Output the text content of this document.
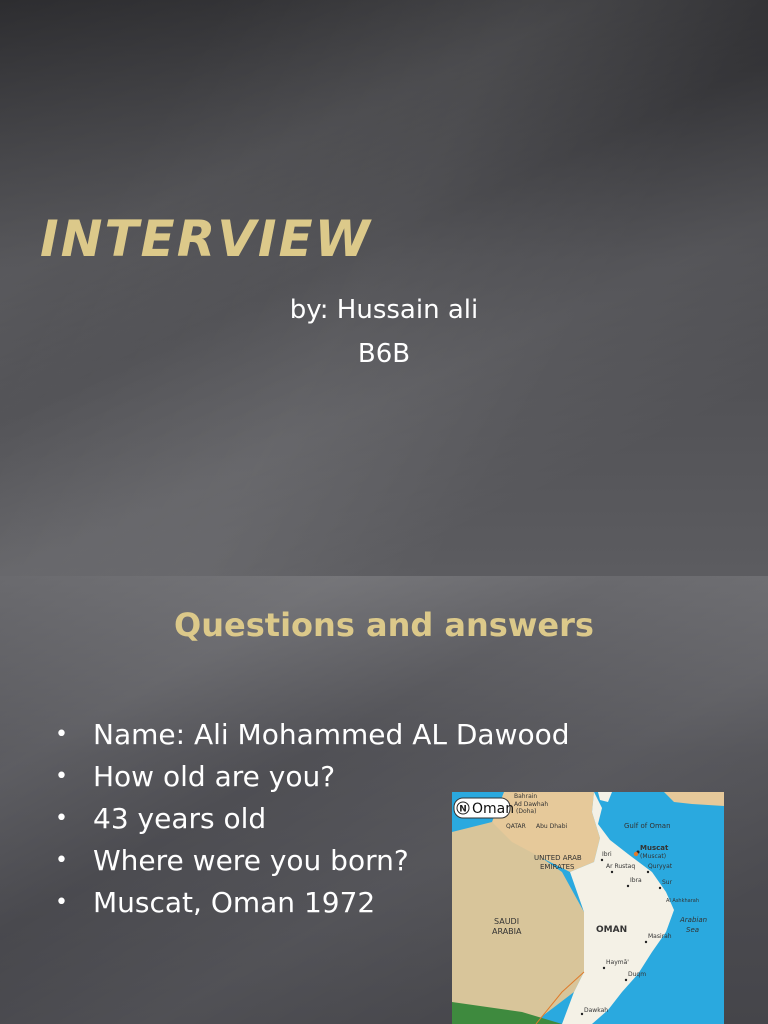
INTERVIEW
by: Hussain ali
B6B
Questions and answers
• Name: Ali Mohammed AL Dawood
• How old are you?
• 43 years old
• Where were you born?
• Muscat, Oman 1972
N Oman
Bahrain
Ad Dawhah
(Doha)
QATAR Abu Dhabi
UNITED ARAB
EMIRATES
Gulf of Oman
Muscat
(Muscat)
Ibri
Ar Rustaq Quryyat
Sur
Al Ashkharah
Arabian
Sea
SAUDI
ARABIA	OMAN
Masirah
Haymā'
Duqm
Dawkah
Ibra
